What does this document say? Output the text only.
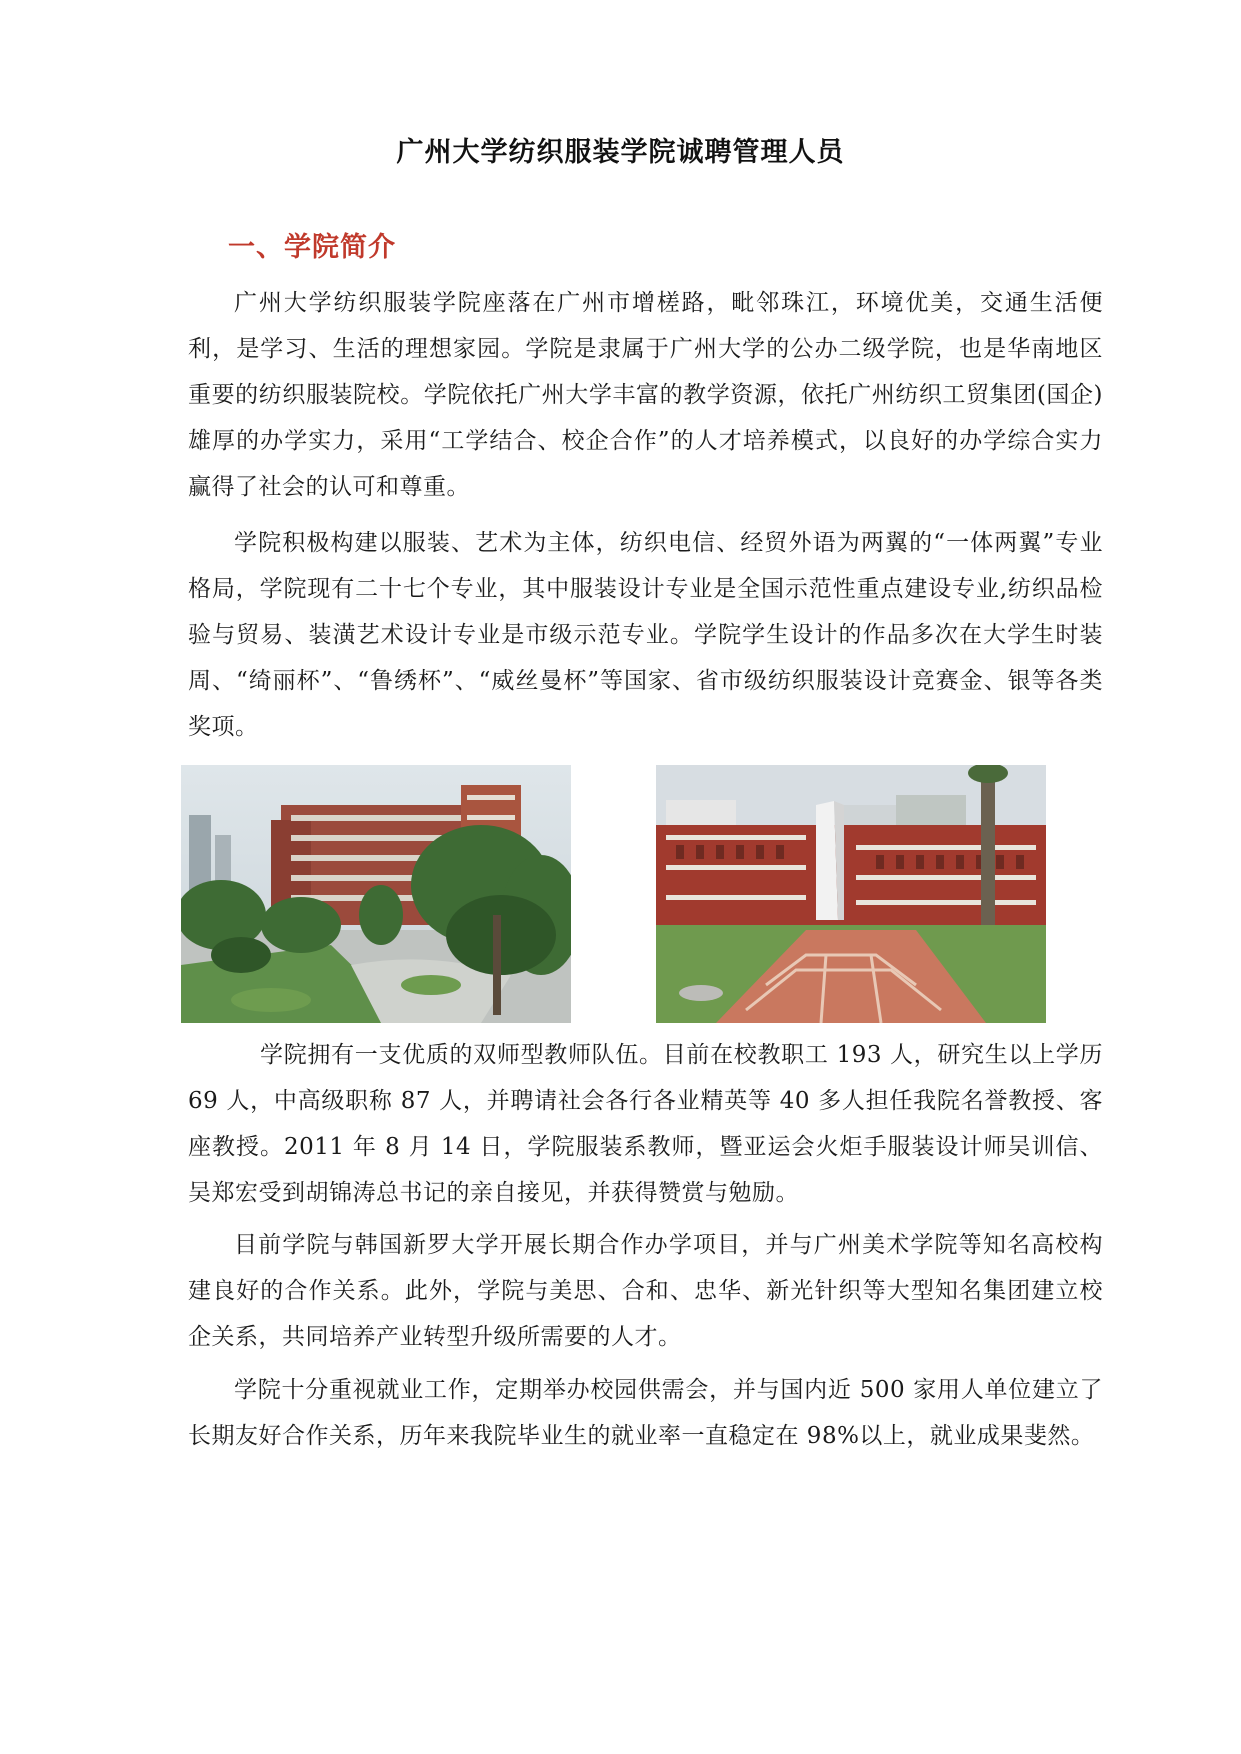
广州大学纺织服装学院诚聘管理人员
一、学院简介

广州大学纺织服装学院座落在广州市增槎路，毗邻珠江，环境优美，交通生活便利，是学习、生活的理想家园。学院是隶属于广州大学的公办二级学院，也是华南地区重要的纺织服装院校。学院依托广州大学丰富的教学资源，依托广州纺织工贸集团(国企)雄厚的办学实力，采用“工学结合、校企合作”的人才培养模式，以良好的办学综合实力赢得了社会的认可和尊重。

学院积极构建以服装、艺术为主体，纺织电信、经贸外语为两翼的“一体两翼”专业格局，学院现有二十七个专业，其中服装设计专业是全国示范性重点建设专业,纺织品检验与贸易、装潢艺术设计专业是市级示范专业。学院学生设计的作品多次在大学生时装周、“绮丽杯”、“鲁绣杯”、“威丝曼杯”等国家、省市级纺织服装设计竞赛金、银等各类奖项。

学院拥有一支优质的双师型教师队伍。目前在校教职工 193 人，研究生以上学历 69 人，中高级职称 87 人，并聘请社会各行各业精英等 40 多人担任我院名誉教授、客座教授。2011 年 8 月 14 日，学院服装系教师，暨亚运会火炬手服装设计师吴训信、吴郑宏受到胡锦涛总书记的亲自接见，并获得赞赏与勉励。

目前学院与韩国新罗大学开展长期合作办学项目，并与广州美术学院等知名高校构建良好的合作关系。此外，学院与美思、合和、忠华、新光针织等大型知名集团建立校企关系，共同培养产业转型升级所需要的人才。

学院十分重视就业工作，定期举办校园供需会，并与国内近 500 家用人单位建立了长期友好合作关系，历年来我院毕业生的就业率一直稳定在 98%以上，就业成果斐然。
